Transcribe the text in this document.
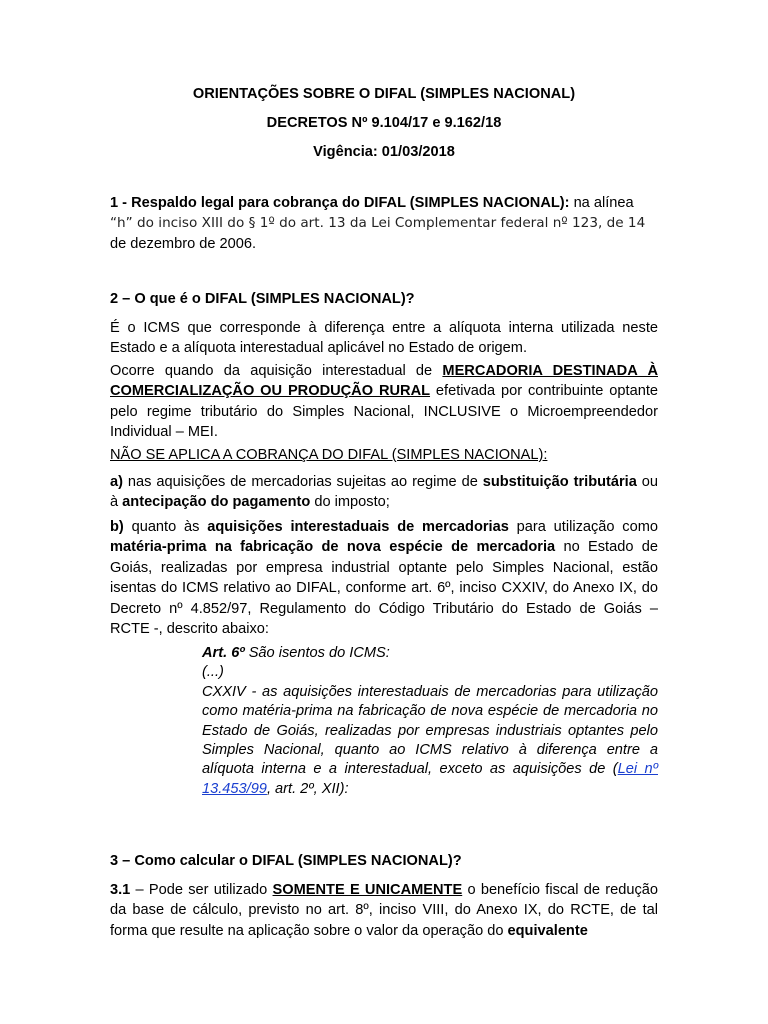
ORIENTAÇÕES SOBRE O DIFAL (SIMPLES NACIONAL)
DECRETOS Nº 9.104/17 e 9.162/18
Vigência: 01/03/2018
1 - Respaldo legal para cobrança do DIFAL (SIMPLES NACIONAL): na alínea
“h” do inciso XIII do § 1º do art. 13 da Lei Complementar federal nº 123, de 14
de dezembro de 2006.
2 – O que é o DIFAL (SIMPLES NACIONAL)?

É o ICMS que corresponde à diferença entre a alíquota interna utilizada neste Estado e a alíquota interestadual aplicável no Estado de origem.

Ocorre quando da aquisição interestadual de MERCADORIA DESTINADA À COMERCIALIZAÇÃO OU PRODUÇÃO RURAL efetivada por contribuinte optante pelo regime tributário do Simples Nacional, INCLUSIVE o Microempreendedor Individual – MEI.

NÃO SE APLICA A COBRANÇA DO DIFAL (SIMPLES NACIONAL):

a) nas aquisições de mercadorias sujeitas ao regime de substituição tributária ou à antecipação do pagamento do imposto;

b) quanto às aquisições interestaduais de mercadorias para utilização como matéria-prima na fabricação de nova espécie de mercadoria no Estado de Goiás, realizadas por empresa industrial optante pelo Simples Nacional, estão isentas do ICMS relativo ao DIFAL, conforme art. 6º, inciso CXXIV, do Anexo IX, do Decreto nº 4.852/97, Regulamento do Código Tributário do Estado de Goiás – RCTE -, descrito abaixo:

Art. 6º São isentos do ICMS:
(...)
CXXIV - as aquisições interestaduais de mercadorias para utilização como matéria-prima na fabricação de nova espécie de mercadoria no Estado de Goiás, realizadas por empresas industriais optantes pelo Simples Nacional, quanto ao ICMS relativo à diferença entre a alíquota interna e a interestadual, exceto as aquisições de (Lei nº 13.453/99, art. 2º, XII):
3 – Como calcular o DIFAL (SIMPLES NACIONAL)?

3.1 – Pode ser utilizado SOMENTE E UNICAMENTE o benefício fiscal de redução da base de cálculo, previsto no art. 8º, inciso VIII, do Anexo IX, do RCTE, de tal forma que resulte na aplicação sobre o valor da operação do equivalente
